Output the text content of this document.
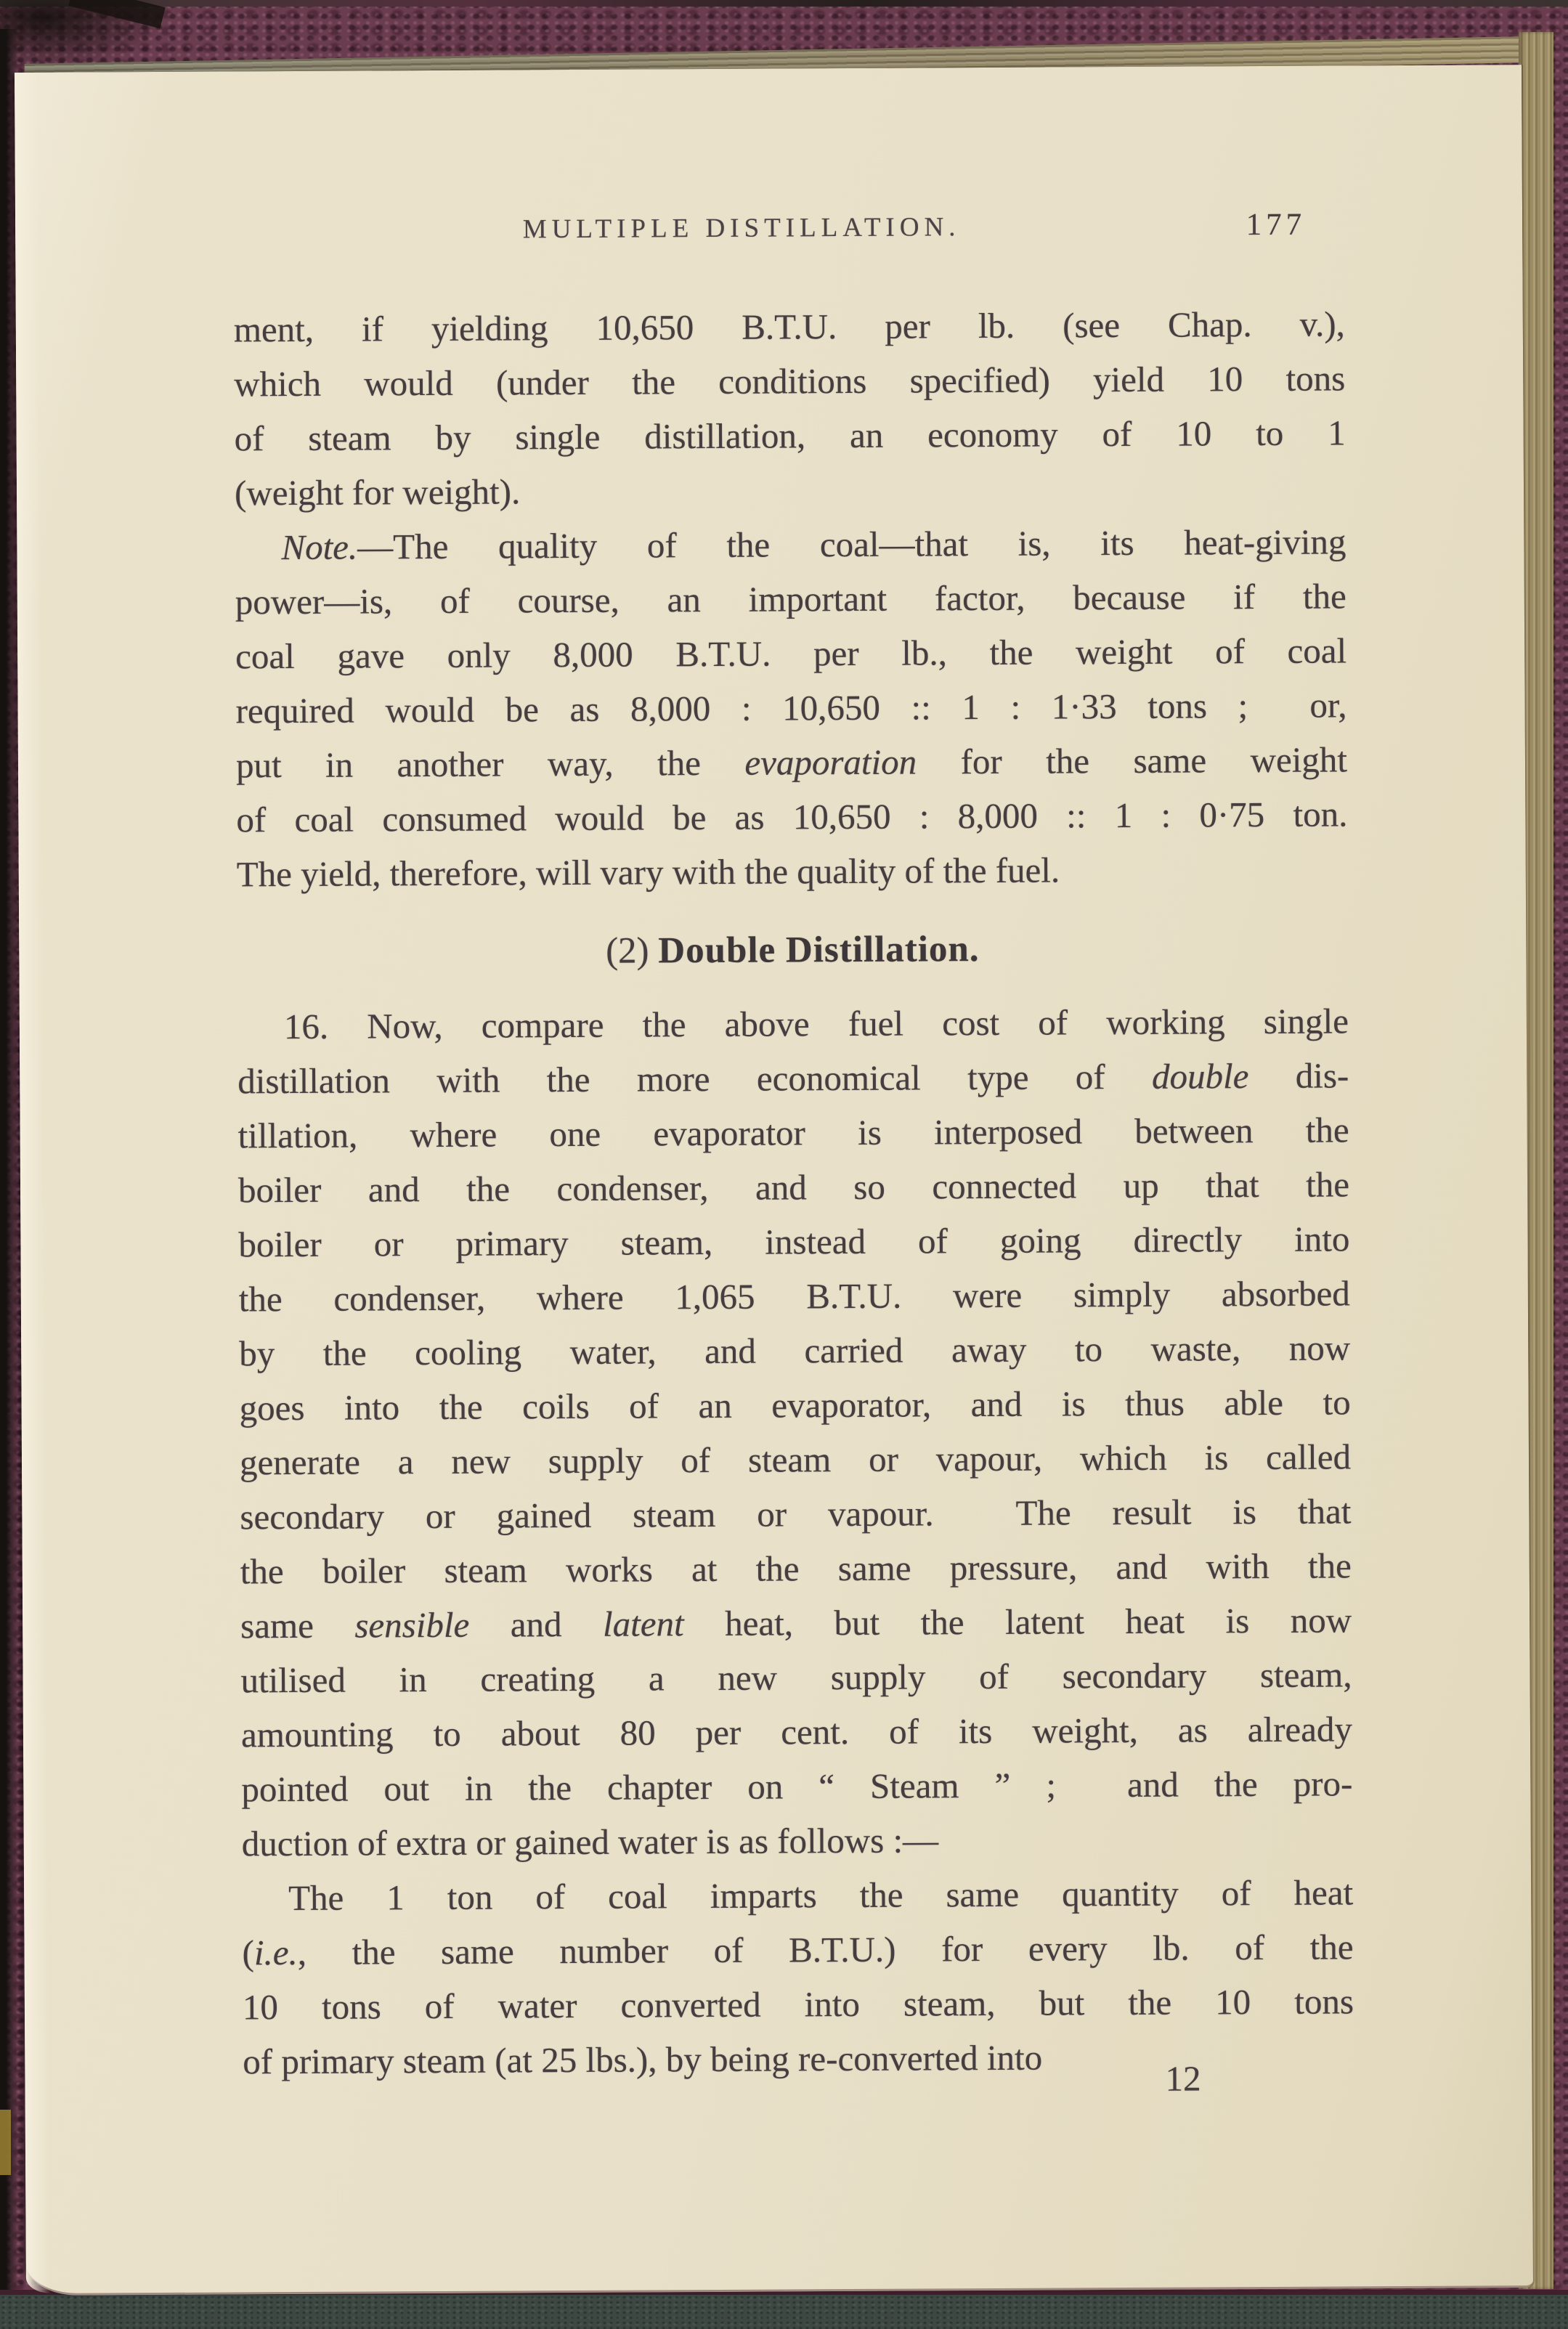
MULTIPLE DISTILLATION.	177
ment, if yielding 10,650 B.T.U. per lb. (see Chap. v.),
which would (under the conditions specified) yield 10 tons
of steam by single distillation, an economy of 10 to 1
(weight for weight).
Note.—The quality of the coal—that is, its heat-giving
power—is, of course, an important factor, because if the
coal gave only 8,000 B.T.U. per lb., the weight of coal
required would be as 8,000 : 10,650 :: 1 : 1·33 tons ;  or,
put in another way, the evaporation for the same weight
of coal consumed would be as 10,650 : 8,000 :: 1 : 0·75 ton.
The yield, therefore, will vary with the quality of the fuel.
(2) Double Distillation.
16. Now, compare the above fuel cost of working single
distillation with the more economical type of double dis-
tillation, where one evaporator is interposed between the
boiler and the condenser, and so connected up that the
boiler or primary steam, instead of going directly into
the condenser, where 1,065 B.T.U. were simply absorbed
by the cooling water, and carried away to waste, now
goes into the coils of an evaporator, and is thus able to
generate a new supply of steam or vapour, which is called
secondary or gained steam or vapour.  The result is that
the boiler steam works at the same pressure, and with the
same sensible and latent heat, but the latent heat is now
utilised in creating a new supply of secondary steam,
amounting to about 80 per cent. of its weight, as already
pointed out in the chapter on “ Steam ” ;  and the pro-
duction of extra or gained water is as follows :—
The 1 ton of coal imparts the same quantity of heat
(i.e., the same number of B.T.U.) for every lb. of the
10 tons of water converted into steam, but the 10 tons
of primary steam (at 25 lbs.), by being re-converted into	12
